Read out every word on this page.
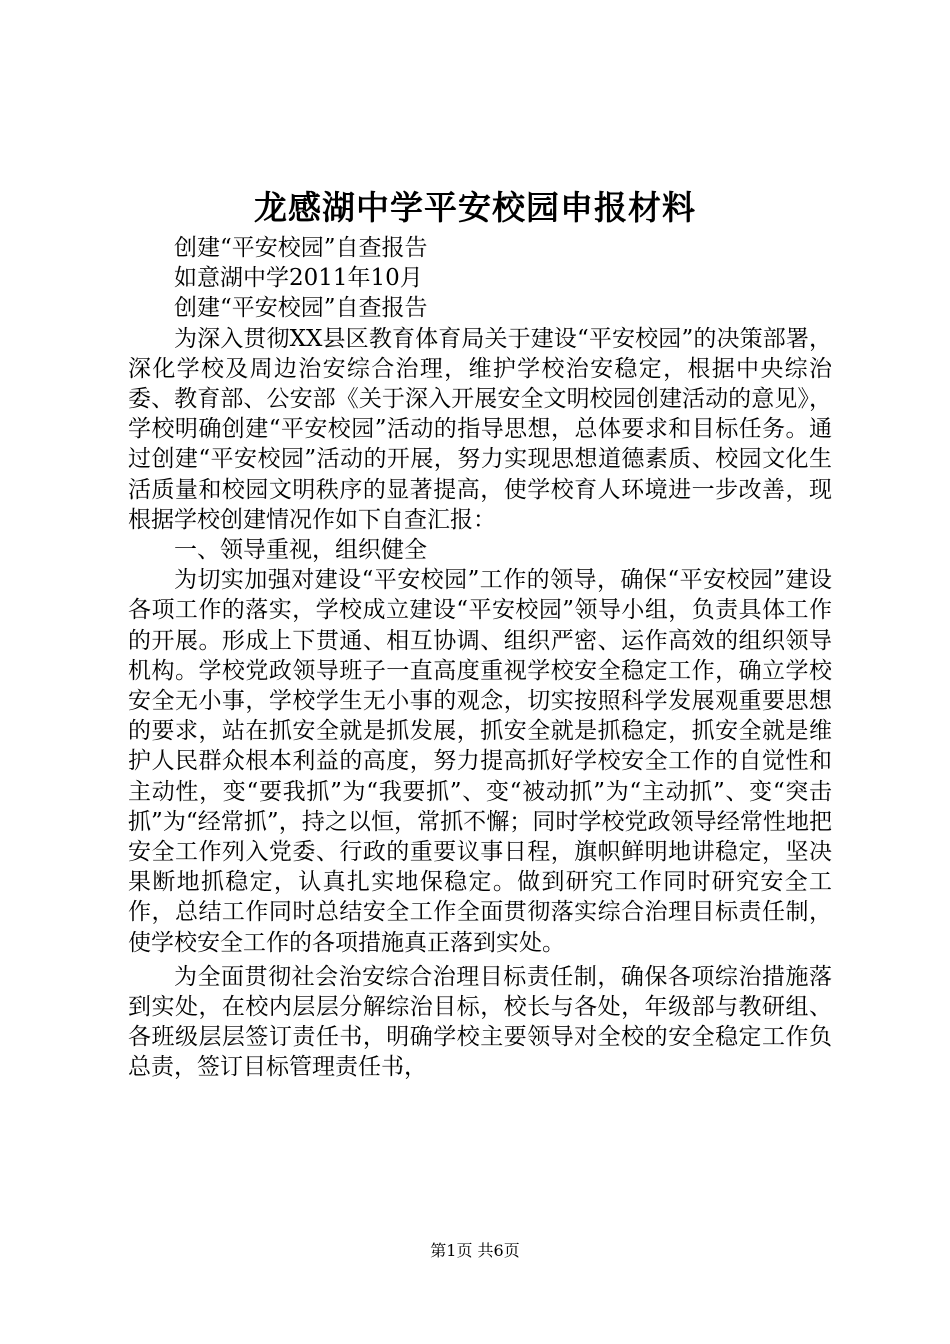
龙感湖中学平安校园申报材料

创建“平安校园”自查报告

如意湖中学2011年10月

创建“平安校园”自查报告

为深入贯彻XX县区教育体育局关于建设“平安校园”的决策部署，深化学校及周边治安综合治理，维护学校治安稳定，根据中央综治委、教育部、公安部《关于深入开展安全文明校园创建活动的意见》，学校明确创建“平安校园”活动的指导思想，总体要求和目标任务。通过创建“平安校园”活动的开展，努力实现思想道德素质、校园文化生活质量和校园文明秩序的显著提高，使学校育人环境进一步改善，现根据学校创建情况作如下自查汇报：

一、领导重视，组织健全

为切实加强对建设“平安校园”工作的领导，确保“平安校园”建设各项工作的落实，学校成立建设“平安校园”领导小组，负责具体工作的开展。形成上下贯通、相互协调、组织严密、运作高效的组织领导机构。学校党政领导班子一直高度重视学校安全稳定工作，确立学校安全无小事，学校学生无小事的观念，切实按照科学发展观重要思想的要求，站在抓安全就是抓发展，抓安全就是抓稳定，抓安全就是维护人民群众根本利益的高度，努力提高抓好学校安全工作的自觉性和主动性，变“要我抓”为“我要抓”、变“被动抓”为“主动抓”、变“突击抓”为“经常抓”，持之以恒，常抓不懈；同时学校党政领导经常性地把安全工作列入党委、行政的重要议事日程，旗帜鲜明地讲稳定，坚决果断地抓稳定，认真扎实地保稳定。做到研究工作同时研究安全工作，总结工作同时总结安全工作全面贯彻落实综合治理目标责任制，使学校安全工作的各项措施真正落到实处。

为全面贯彻社会治安综合治理目标责任制，确保各项综治措施落到实处，在校内层层分解综治目标，校长与各处，年级部与教研组、各班级层层签订责任书，明确学校主要领导对全校的安全稳定工作负总责，签订目标管理责任书，

第1页 共6页
